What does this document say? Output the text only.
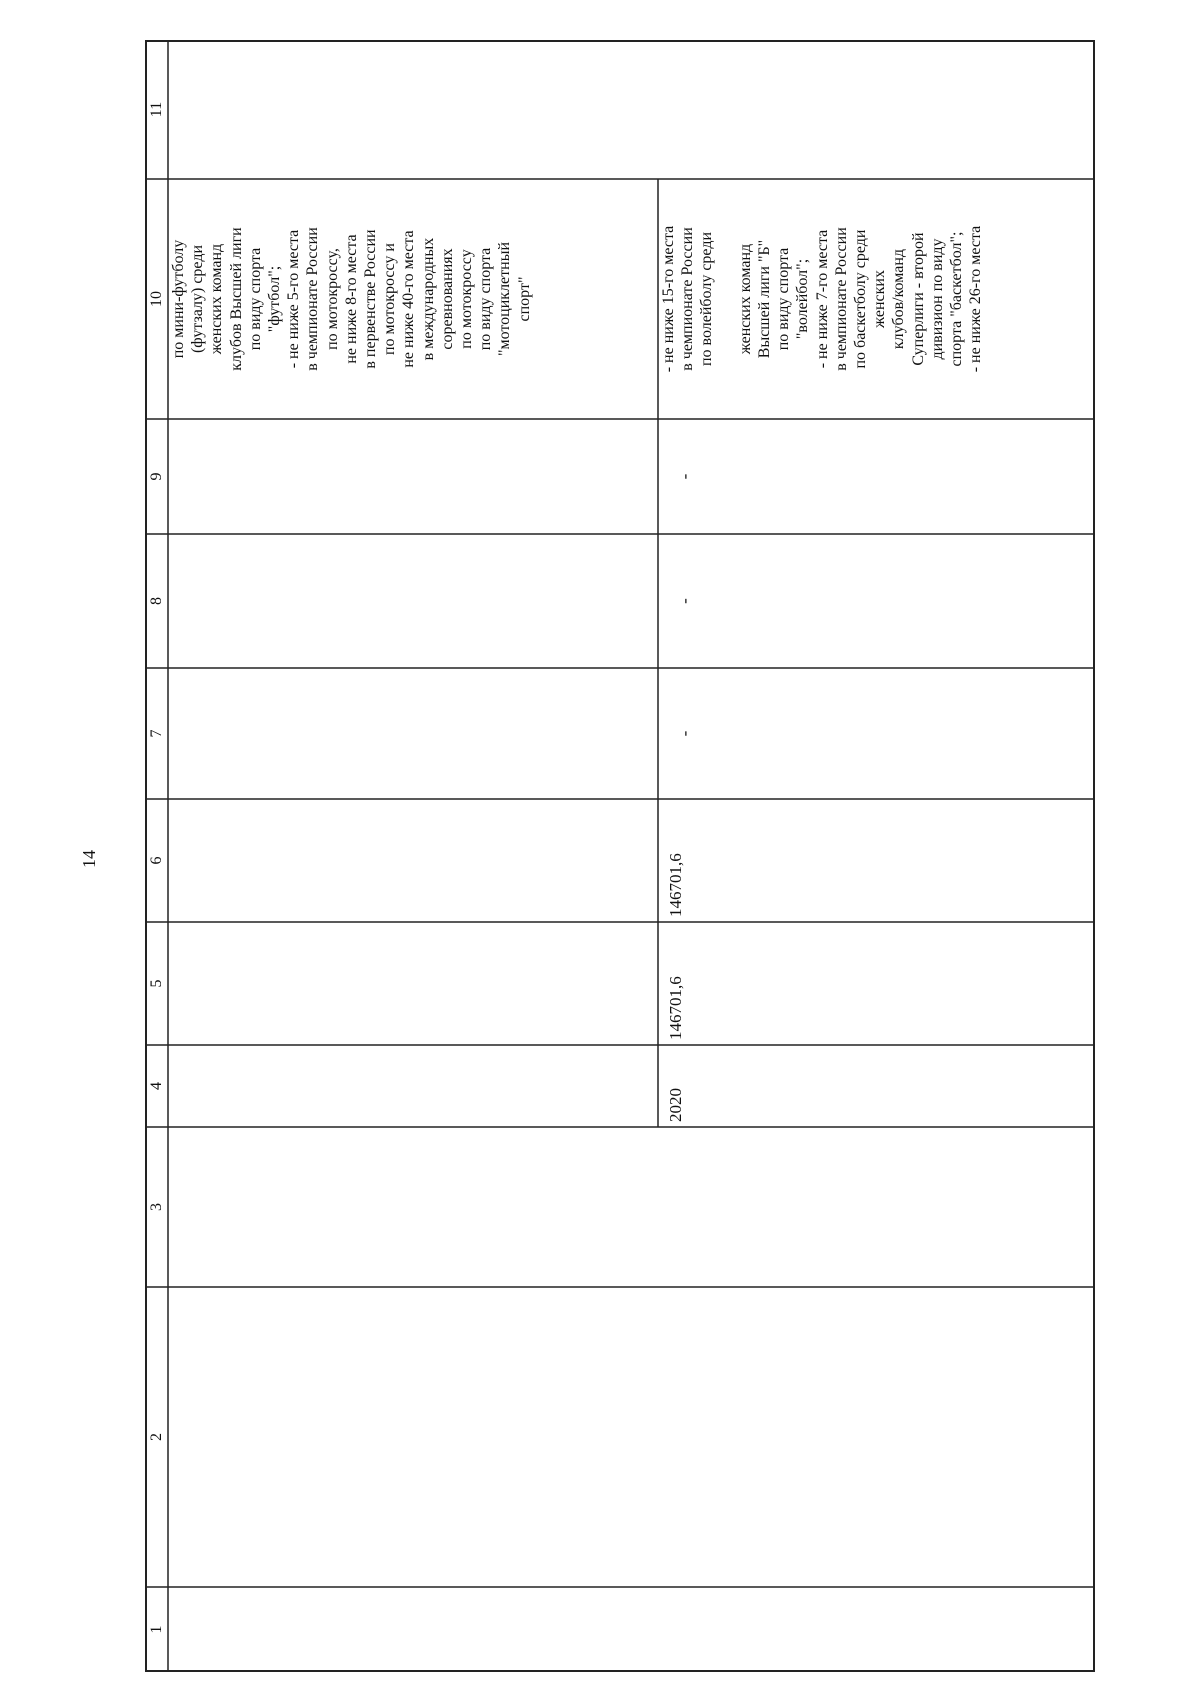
14
1
2
3
4
5
6
7
8
9
10
11
по мини-футболу
(футзалу) среди
женских команд
клубов Высшей лиги
по виду спорта
"футбол";
- не ниже 5-го места
в чемпионате России
по мотокроссу,
не ниже 8-го места
в первенстве России
по мотокроссу и
не ниже 40-го места
в международных
соревнованиях
по мотокроссу
по виду спорта
"мотоциклетный
спорт"
2020
146701,6
146701,6
-
-
-
- не ниже 15-го места
в чемпионате России
по волейболу среди

женских команд
Высшей лиги "Б"
по виду спорта
"волейбол";
- не ниже 7-го места
в чемпионате России
по баскетболу среди
женских
клубов/команд
Суперлиги - второй
дивизион по виду
спорта "баскетбол";
- не ниже 26-го места
